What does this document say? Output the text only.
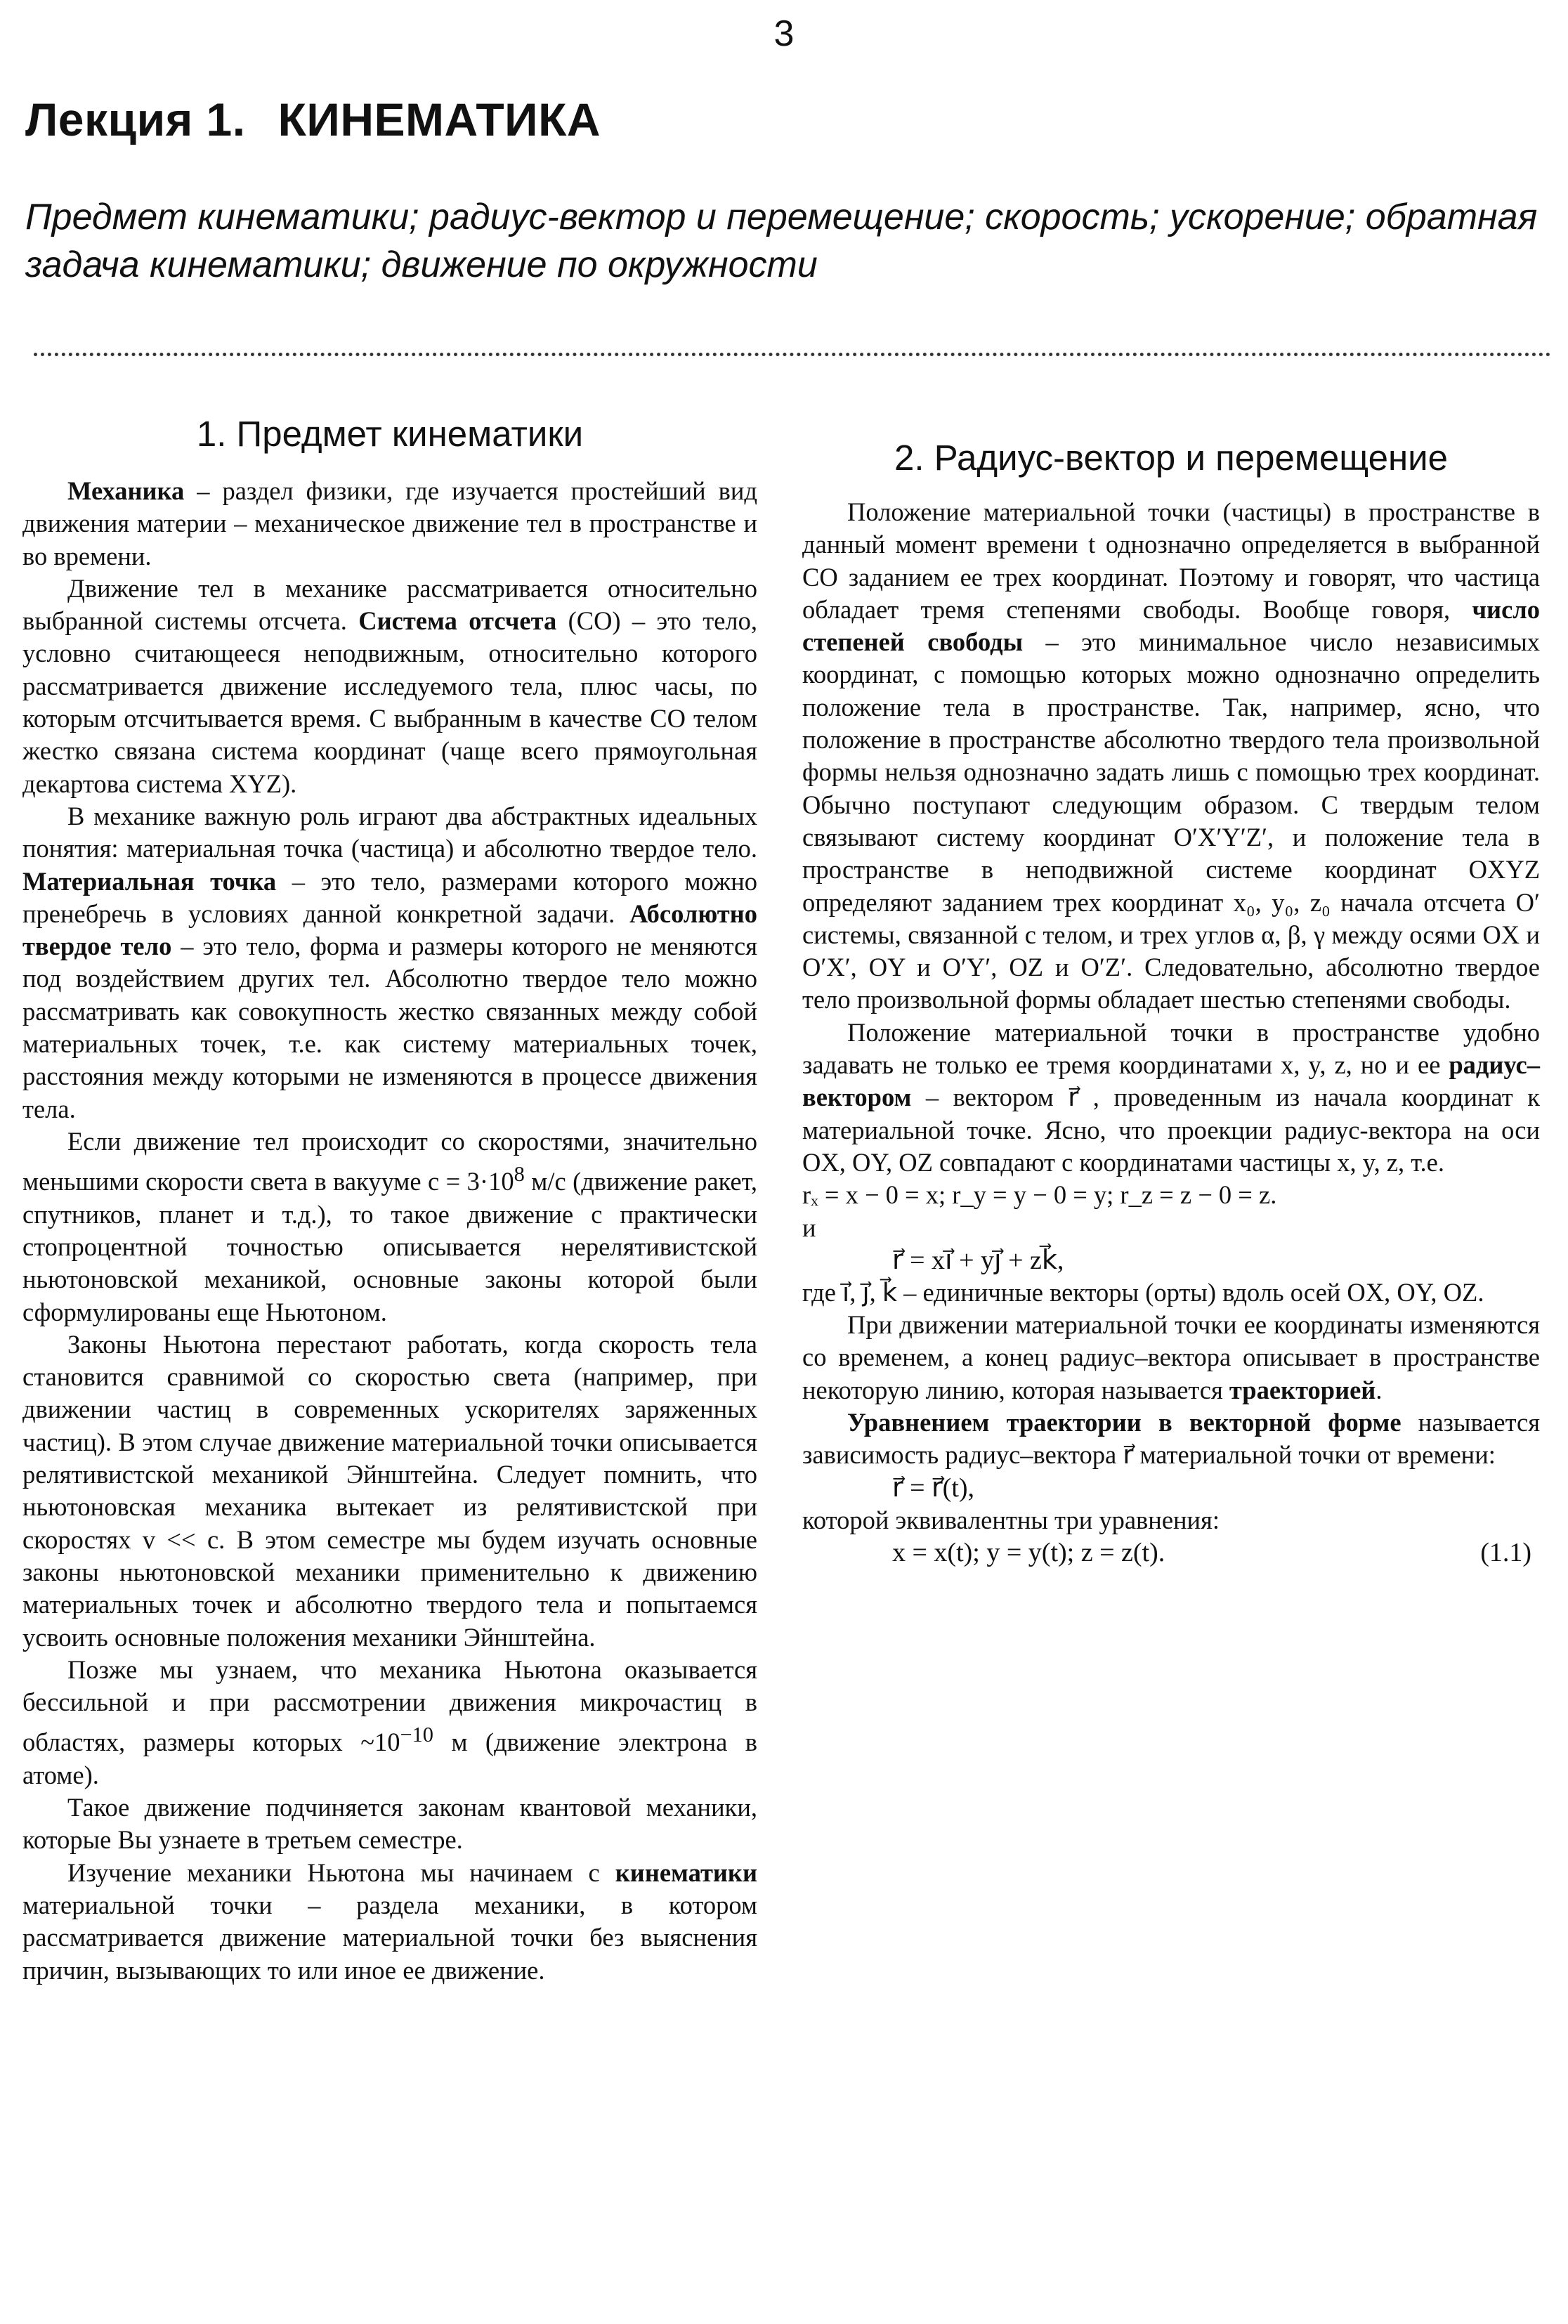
3
Лекция 1. КИНЕМАТИКА

Предмет кинематики; радиус-вектор и перемещение; скорость; ускорение; обратная задача кинематики; движение по окружности

1. Предмет кинематики

Механика – раздел физики, где изучается простейший вид движения материи – механическое движение тел в пространстве и во времени.

Движение тел в механике рассматривается относительно выбранной системы отсчета. Система отсчета (СО) – это тело, условно считающееся неподвижным, относительно которого рассматривается движение исследуемого тела, плюс часы, по которым отсчитывается время. С выбранным в качестве СО телом жестко связана система координат (чаще всего прямоугольная декартова система XYZ).

В механике важную роль играют два абстрактных идеальных понятия: материальная точка (частица) и абсолютно твердое тело. Материальная точка – это тело, размерами которого можно пренебречь в условиях данной конкретной задачи. Абсолютно твердое тело – это тело, форма и размеры которого не меняются под воздействием других тел. Абсолютно твердое тело можно рассматривать как совокупность жестко связанных между собой материальных точек, т.е. как систему материальных точек, расстояния между которыми не изменяются в процессе движения тела.

Если движение тел происходит со скоростями, значительно меньшими скорости света в вакууме $c = 3\cdot 10^8$ м/с (движение ракет, спутников, планет и т.д.), то такое движение с практически стопроцентной точностью описывается нерелятивистской ньютоновской механикой, основные законы которой были сформулированы еще Ньютоном.

Законы Ньютона перестают работать, когда скорость тела становится сравнимой со скоростью света (например, при движении частиц в современных ускорителях заряженных частиц). В этом случае движение материальной точки описывается релятивистской механикой Эйнштейна. Следует помнить, что ньютоновская механика вытекает из релятивистской при скоростях v << c. В этом семестре мы будем изучать основные законы ньютоновской механики применительно к движению материальных точек и абсолютно твердого тела и попытаемся усвоить основные положения механики Эйнштейна.

Позже мы узнаем, что механика Ньютона оказывается бессильной и при рассмотрении движения микрочастиц в областях, размеры которых $\sim 10^{-10}$ м (движение электрона в атоме).

Такое движение подчиняется законам квантовой механики, которые Вы узнаете в третьем семестре.

Изучение механики Ньютона мы начинаем с кинематики материальной точки – раздела механики, в котором рассматривается движение материальной точки без выяснения причин, вызывающих то или иное ее движение.

2. Радиус-вектор и перемещение

Положение материальной точки (частицы) в пространстве в данный момент времени t однозначно определяется в выбранной СО заданием ее трех координат. Поэтому и говорят, что частица обладает тремя степенями свободы. Вообще говоря, число степеней свободы – это минимальное число независимых координат, с помощью которых можно однозначно определить положение тела в пространстве. Так, например, ясно, что положение в пространстве абсолютно твердого тела произвольной формы нельзя однозначно задать лишь с помощью трех координат. Обычно поступают следующим образом. С твердым телом связывают систему координат O′X′Y′Z′, и положение тела в пространстве в неподвижной системе координат OXYZ определяют заданием трех координат x₀, y₀, z₀ начала отсчета O′ системы, связанной с телом, и трех углов α, β, γ между осями OX и O′X′, OY и O′Y′, OZ и O′Z′. Следовательно, абсолютно твердое тело произвольной формы обладает шестью степенями свободы.

Положение материальной точки в пространстве удобно задавать не только ее тремя координатами x, y, z, но и ее радиус–вектором – вектором r⃗ , проведенным из начала координат к материальной точке. Ясно, что проекции радиус-вектора на оси OX, OY, OZ совпадают с координатами частицы x, y, z, т.е.

rₓ = x − 0 = x; r_y = y − 0 = y; r_z = z − 0 = z.

и

r⃗ = xi⃗ + yj⃗ + zk⃗,

где i⃗, j⃗, k⃗ – единичные векторы (орты) вдоль осей OX, OY, OZ.

При движении материальной точки ее координаты изменяются со временем, а конец радиус–вектора описывает в пространстве некоторую линию, которая называется траекторией.

Уравнением траектории в векторной форме называется зависимость радиус–вектора r⃗ материальной точки от времени:

r⃗ = r⃗(t),

которой эквивалентны три уравнения:

x = x(t); y = y(t); z = z(t).	(1.1)
